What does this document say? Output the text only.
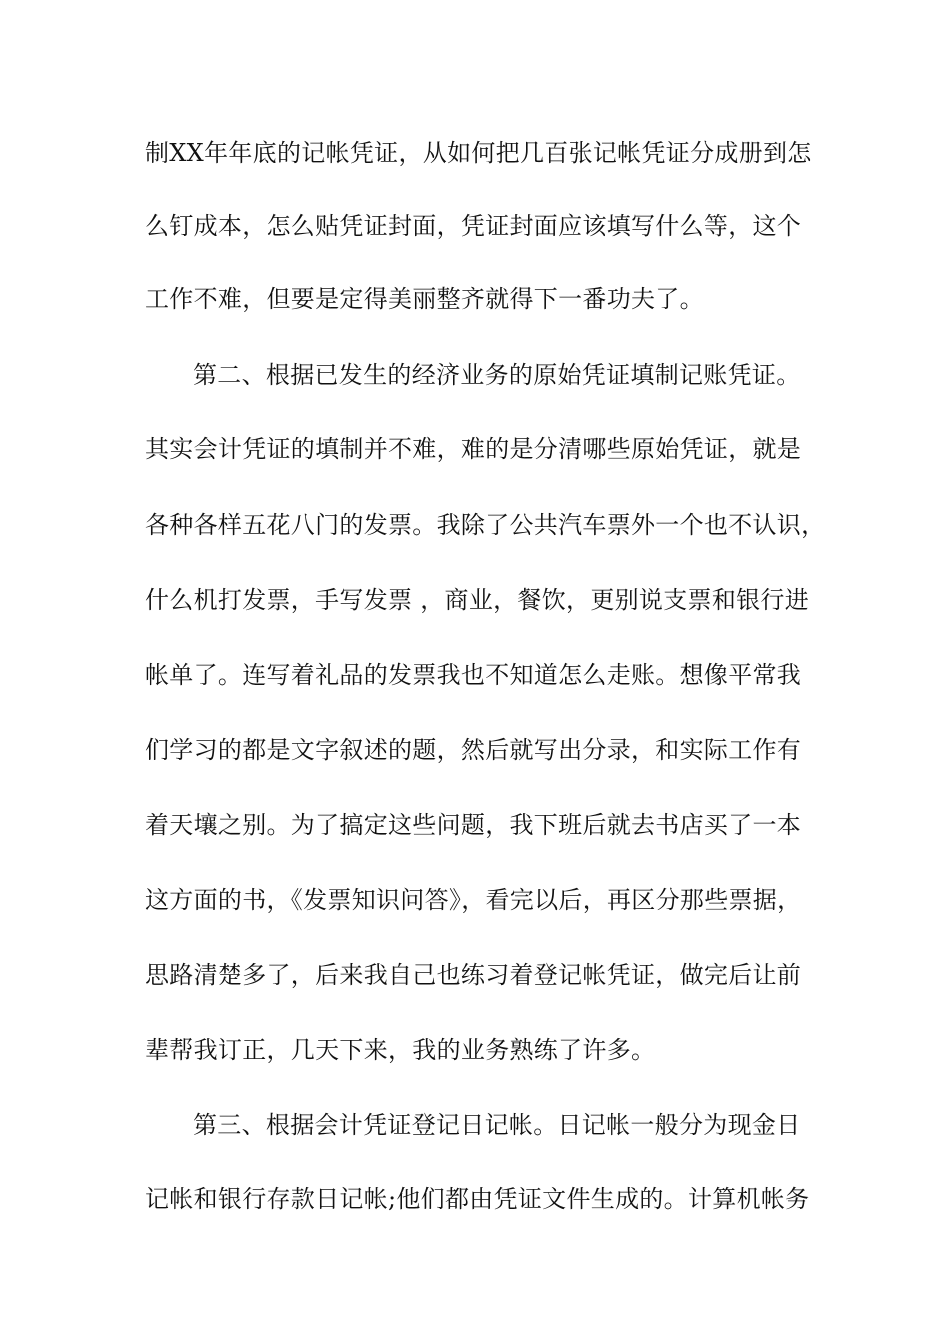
制XX年年底的记帐凭证，从如何把几百张记帐凭证分成册到怎
么钉成本，怎么贴凭证封面，凭证封面应该填写什么等，这个
工作不难，但要是定得美丽整齐就得下一番功夫了。
第二、根据已发生的经济业务的原始凭证填制记账凭证。
其实会计凭证的填制并不难，难的是分清哪些原始凭证，就是
各种各样五花八门的发票。我除了公共汽车票外一个也不认识，
什么机打发票，手写发票 ，商业，餐饮，更别说支票和银行进
帐单了。连写着礼品的发票我也不知道怎么走账。想像平常我
们学习的都是文字叙述的题，然后就写出分录，和实际工作有
着天壤之别。为了搞定这些问题，我下班后就去书店买了一本
这方面的书，《发票知识问答》，看完以后，再区分那些票据，
思路清楚多了，后来我自己也练习着登记帐凭证，做完后让前
辈帮我订正，几天下来，我的业务熟练了许多。
第三、根据会计凭证登记日记帐。日记帐一般分为现金日
记帐和银行存款日记帐;他们都由凭证文件生成的。计算机帐务
